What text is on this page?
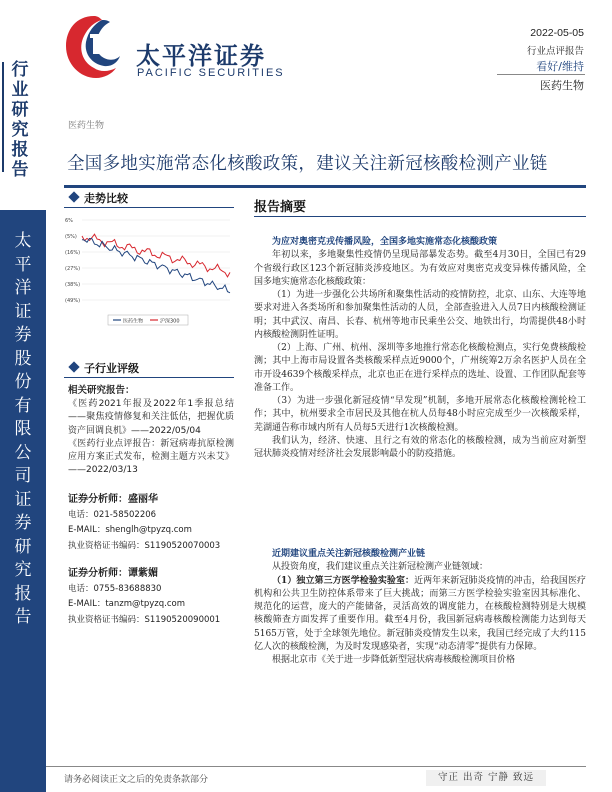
行业研究报告
太平洋证券股份有限公司证券研究报告
太平洋证券
PACIFIC SECURITIES
2022-05-05
行业点评报告
看好/维持
医药生物
医药生物
全国多地实施常态化核酸政策，建议关注新冠核酸检测产业链
走势比较
6%
(5%)
(16%)
(27%)
(38%)
(49%)
医药生物	沪深300
子行业评级
相关研究报告：

《医药2021年报及2022年1季报总结——聚焦疫情修复和关注低估，把握优质资产回调良机》——2022/05/04

《医药行业点评报告：新冠病毒抗原检测应用方案正式发布，检测主题方兴未艾》——2022/03/13

证券分析师：盛丽华
电话：021-58502206
E-MAIL：shenglh@tpyzq.com
执业资格证书编码：S1190520070003
证券分析师：谭紫媚
电话：0755-83688830
E-MAIL：tanzm@tpyzq.com
执业资格证书编码：S1190520090001
报告摘要

为应对奥密克戎传播风险，全国多地实施常态化核酸政策

年初以来，多地聚集性疫情仍呈现局部暴发态势。截至4月30日，全国已有29个省级行政区123个新冠肺炎涉疫地区。为有效应对奥密克戎变异株传播风险，全国多地实施常态化核酸政策：

（1）为进一步强化公共场所和聚集性活动的疫情防控，北京、山东、大连等地要求对进入各类场所和参加聚集性活动的人员，全部查验进入人员7日内核酸检测证明；其中武汉、南昌、长春、杭州等地市民乘坐公交、地铁出行，均需提供48小时内核酸检测阴性证明。

（2）上海、广州、杭州、深圳等多地推行常态化核酸检测点，实行免费核酸检测；其中上海市局设置各类核酸采样点近9000个，广州统筹2万余名医护人员在全市开设4639个核酸采样点，北京也正在进行采样点的选址、设置、工作团队配套等准备工作。

（3）为进一步强化新冠疫情“早发现”机制，多地开展常态化核酸检测轮检工作；其中，杭州要求全市居民及其他在杭人员每48小时应完成至少一次核酸采样，芜湖通告称市域内所有人员每5天进行1次核酸检测。

我们认为，经济、快速、且行之有效的常态化的核酸检测，成为当前应对新型冠状肺炎疫情对经济社会发展影响最小的防疫措施。

近期建议重点关注新冠核酸检测产业链

从投资角度，我们建议重点关注新冠检测产业链领域：

（1）独立第三方医学检验实验室：近两年来新冠肺炎疫情的冲击，给我国医疗机构和公共卫生防控体系带来了巨大挑战；而第三方医学检验实验室因其标准化、规范化的运营，庞大的产能储备，灵活高效的调度能力，在核酸检测特别是大规模核酸筛查方面发挥了重要作用。截至4月份，我国新冠病毒核酸检测能力达到每天5165万管，处于全球领先地位。新冠肺炎疫情发生以来，我国已经完成了大约115亿人次的核酸检测，为及时发现感染者，实现“动态清零”提供有力保障。

根据北京市《关于进一步降低新型冠状病毒核酸检测项目价格

请务必阅读正文之后的免责条款部分	守正 出奇 宁静 致远
